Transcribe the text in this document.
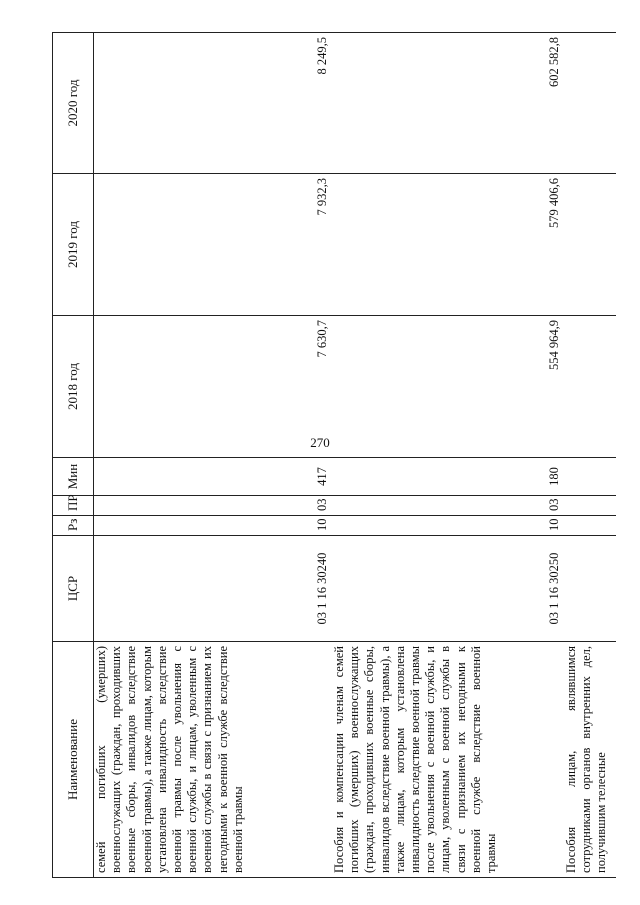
270
Наименование	ЦСР	Рз	ПР	Мин	2018 год	2019 год	2020 год
семей погибших (умерших) военнослужащих (граждан, проходивших военные сборы, инвалидов вследствие военной травмы), а также лицам, которым установлена инвалидность вследствие военной травмы после увольнения с военной службы, и лицам, уволенным с военной службы в связи с признанием их негодными к военной службе вследствие военной травмы	03 1 16 30240	10	03	417	7 630,7	7 932,3	8 249,5
Пособия и компенсации членам семей погибших (умерших) военнослужащих (граждан, проходивших военные сборы, инвалидов вследствие военной травмы), а также лицам, которым установлена инвалидность вследствие военной травмы после увольнения с военной службы, и лицам, уволенным с военной службы в связи с признанием их негодными к военной службе вследствие военной травмы	03 1 16 30250	10	03	180	554 964,9	579 406,6	602 582,8
Пособия лицам, являвшимся сотрудниками органов внутренних дел, получившим телесные							
